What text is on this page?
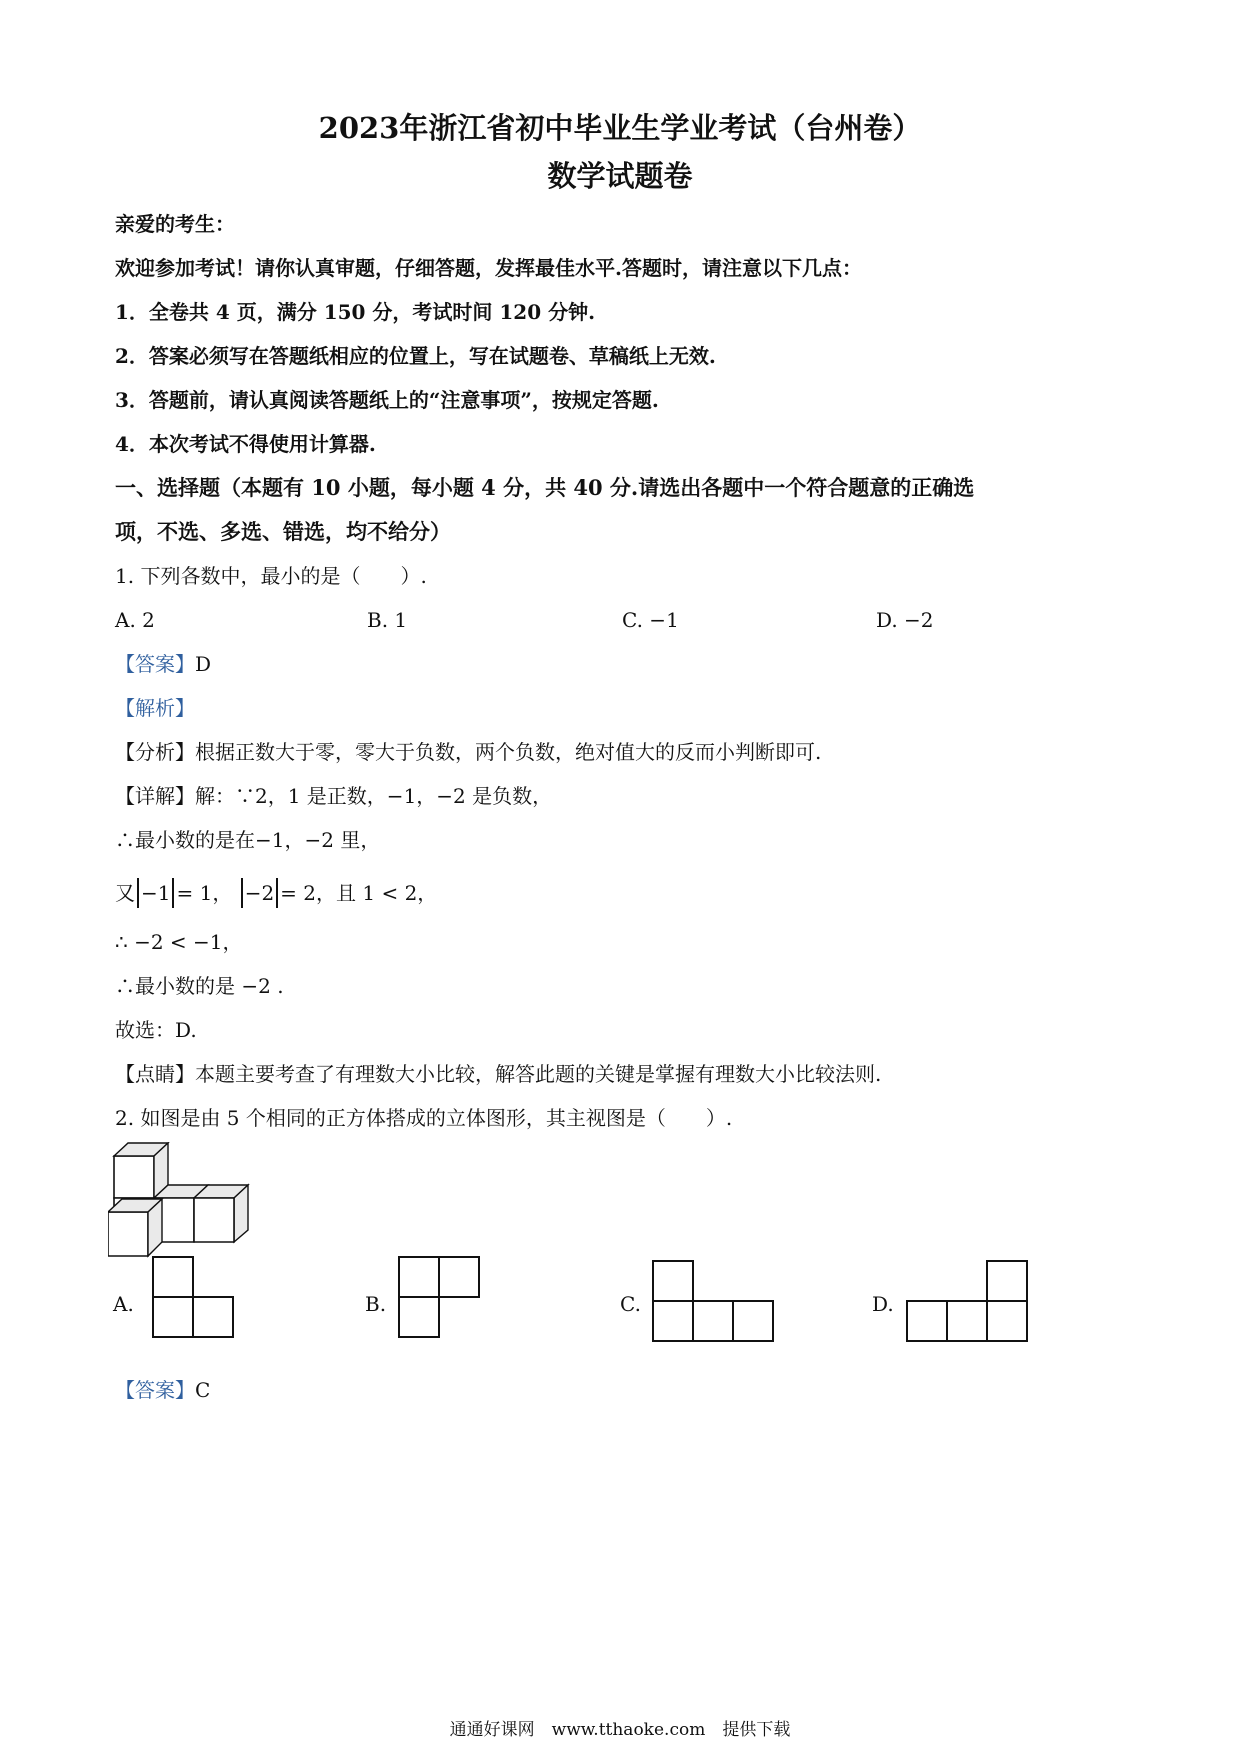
2023年浙江省初中毕业生学业考试（台州卷）
数学试题卷
亲爱的考生：
欢迎参加考试！请你认真审题，仔细答题，发挥最佳水平.答题时，请注意以下几点：
1．全卷共 4 页，满分 150 分，考试时间 120 分钟.
2．答案必须写在答题纸相应的位置上，写在试题卷、草稿纸上无效.
3．答题前，请认真阅读答题纸上的“注意事项”，按规定答题.
4．本次考试不得使用计算器.
一、选择题（本题有 10 小题，每小题 4 分，共 40 分.请选出各题中一个符合题意的正确选
项，不选、多选、错选，均不给分）
1. 下列各数中，最小的是（　　）.
A. 2	B. 1	C. −1	D. −2
【答案】D
【解析】
【分析】根据正数大于零，零大于负数，两个负数，绝对值大的反而小判断即可.
【详解】解：∵2，1 是正数，−1，−2 是负数，
∴最小数的是在−1，−2 里，
又 −1 = 1， −2 = 2，且 1 < 2，
∴ −2 < −1，
∴最小数的是 −2 .
故选：D.
【点睛】本题主要考查了有理数大小比较，解答此题的关键是掌握有理数大小比较法则.
2. 如图是由 5 个相同的正方体搭成的立体图形，其主视图是（　　）.
A.	B.	C.	D.
【答案】C
通通好课网　www.tthaoke.com　提供下载
